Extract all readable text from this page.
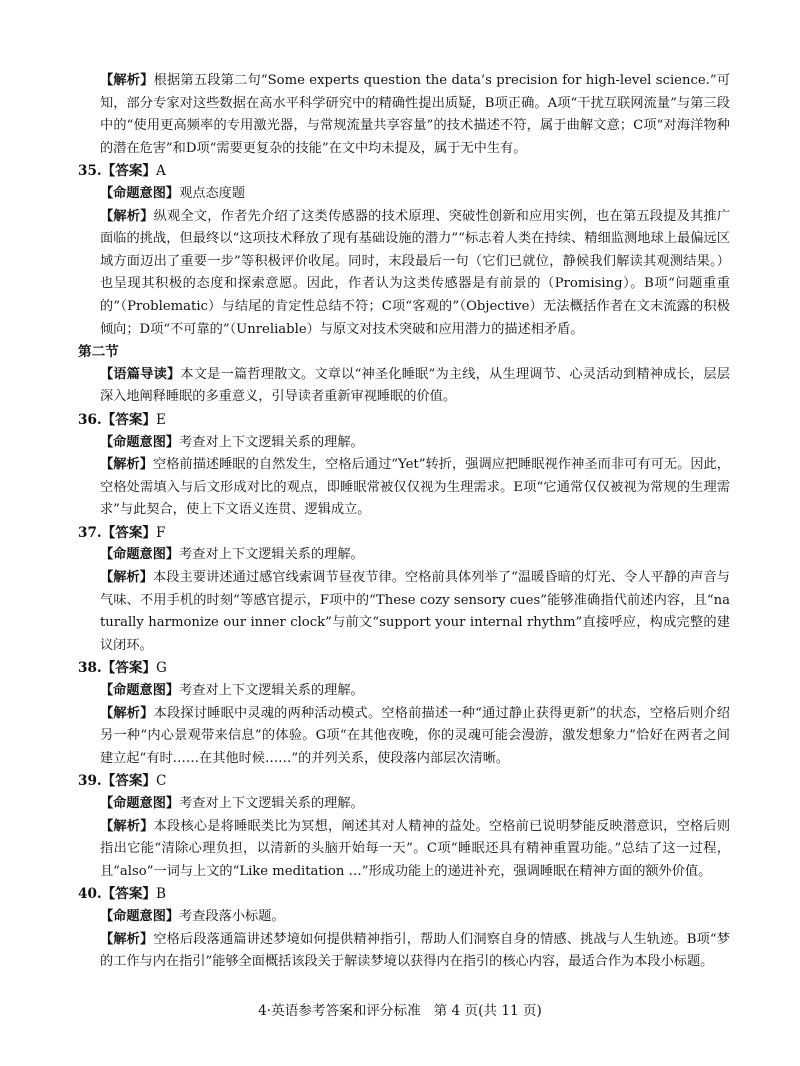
【解析】根据第五段第二句“Some experts question the data’s precision for high-level science.”可知，部分专家对这些数据在高水平科学研究中的精确性提出质疑，B项正确。A项“干扰互联网流量”与第三段中的“使用更高频率的专用激光器，与常规流量共享容量”的技术描述不符，属于曲解文意；C项“对海洋物种的潜在危害”和D项“需要更复杂的技能”在文中均未提及，属于无中生有。

35.【答案】A

【命题意图】观点态度题

【解析】纵观全文，作者先介绍了这类传感器的技术原理、突破性创新和应用实例，也在第五段提及其推广面临的挑战，但最终以“这项技术释放了现有基础设施的潜力”“标志着人类在持续、精细监测地球上最偏远区域方面迈出了重要一步”等积极评价收尾。同时，末段最后一句（它们已就位，静候我们解读其观测结果。）也呈现其积极的态度和探索意愿。因此，作者认为这类传感器是有前景的（Promising）。B项“问题重重的”（Problematic）与结尾的肯定性总结不符；C项“客观的”（Objective）无法概括作者在文末流露的积极倾向；D项“不可靠的”（Unreliable）与原文对技术突破和应用潜力的描述相矛盾。

第二节

【语篇导读】本文是一篇哲理散文。文章以“神圣化睡眠”为主线，从生理调节、心灵活动到精神成长，层层深入地阐释睡眠的多重意义，引导读者重新审视睡眠的价值。

36.【答案】E

【命题意图】考查对上下文逻辑关系的理解。

【解析】空格前描述睡眠的自然发生，空格后通过“Yet”转折，强调应把睡眠视作神圣而非可有可无。因此，空格处需填入与后文形成对比的观点，即睡眠常被仅仅视为生理需求。E项“它通常仅仅被视为常规的生理需求”与此契合，使上下文语义连贯、逻辑成立。

37.【答案】F

【命题意图】考查对上下文逻辑关系的理解。

【解析】本段主要讲述通过感官线索调节昼夜节律。空格前具体列举了“温暖昏暗的灯光、令人平静的声音与气味、不用手机的时刻”等感官提示，F项中的“These cozy sensory cues”能够准确指代前述内容，且“naturally harmonize our inner clock”与前文“support your internal rhythm”直接呼应，构成完整的建议闭环。

38.【答案】G

【命题意图】考查对上下文逻辑关系的理解。

【解析】本段探讨睡眠中灵魂的两种活动模式。空格前描述一种“通过静止获得更新”的状态，空格后则介绍另一种“内心景观带来信息”的体验。G项“在其他夜晚，你的灵魂可能会漫游，激发想象力”恰好在两者之间建立起“有时……在其他时候……”的并列关系，使段落内部层次清晰。

39.【答案】C

【命题意图】考查对上下文逻辑关系的理解。

【解析】本段核心是将睡眠类比为冥想，阐述其对人精神的益处。空格前已说明梦能反映潜意识，空格后则指出它能“清除心理负担，以清新的头脑开始每一天”。C项“睡眠还具有精神重置功能。”总结了这一过程，且“also”一词与上文的“Like meditation …”形成功能上的递进补充，强调睡眠在精神方面的额外价值。

40.【答案】B

【命题意图】考查段落小标题。

【解析】空格后段落通篇讲述梦境如何提供精神指引，帮助人们洞察自身的情感、挑战与人生轨迹。B项“梦的工作与内在指引”能够全面概括该段关于解读梦境以获得内在指引的核心内容，最适合作为本段小标题。

4·英语参考答案和评分标准   第 4 页(共 11 页)
